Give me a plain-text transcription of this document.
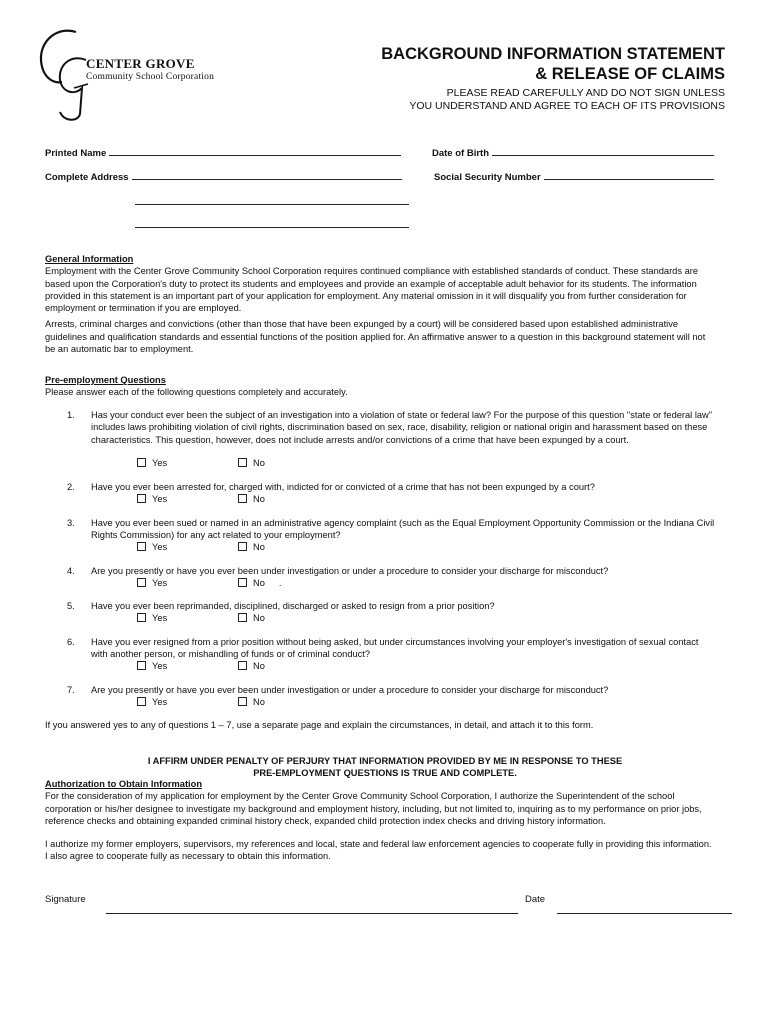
CENTER GROVE
Community School Corporation
BACKGROUND INFORMATION STATEMENT
& RELEASE OF CLAIMS
PLEASE READ CAREFULLY AND DO NOT SIGN UNLESS
YOU UNDERSTAND AND AGREE TO EACH OF ITS PROVISIONS
Printed Name	Date of Birth
Complete Address	Social Security Number
General Information
Employment with the Center Grove Community School Corporation requires continued compliance with established standards of conduct. These standards are based upon the Corporation's duty to protect its students and employees and provide an example of acceptable adult behavior for its students. The information provided in this statement is an important part of your application for employment. Any material omission in it will disqualify you from further consideration for employment or termination if you are employed.
Arrests, criminal charges and convictions (other than those that have been expunged by a court) will be considered based upon established administrative guidelines and qualification standards and essential functions of the position applied for. An affirmative answer to a question in this background statement will not be an automatic bar to employment.
Pre-employment Questions
Please answer each of the following questions completely and accurately.
1. Has your conduct ever been the subject of an investigation into a violation of state or federal law? For the purpose of this question "state or federal law" includes laws prohibiting violation of civil rights, discrimination based on sex, race, disability, religion or national origin and harassment based on these characteristics. This question, however, does not include arrests and/or convictions of a crime that have been expunged by a court.
Yes	No
2. Have you ever been arrested for, charged with, indicted for or convicted of a crime that has not been expunged by a court?
Yes	No
3. Have you ever been sued or named in an administrative agency complaint (such as the Equal Employment Opportunity Commission or the Indiana Civil Rights Commission) for any act related to your employment?
Yes	No
4. Are you presently or have you ever been under investigation or under a procedure to consider your discharge for misconduct?
Yes	No .
5. Have you ever been reprimanded, disciplined, discharged or asked to resign from a prior position?
Yes	No
6. Have you ever resigned from a prior position without being asked, but under circumstances involving your employer's investigation of sexual contact with another person, or mishandling of funds or of criminal conduct?
Yes	No
7. Are you presently or have you ever been under investigation or under a procedure to consider your discharge for misconduct?
Yes	No
If you answered yes to any of questions 1 – 7, use a separate page and explain the circumstances, in detail, and attach it to this form.
I AFFIRM UNDER PENALTY OF PERJURY THAT INFORMATION PROVIDED BY ME IN RESPONSE TO THESE
PRE-EMPLOYMENT QUESTIONS IS TRUE AND COMPLETE.
Authorization to Obtain Information
For the consideration of my application for employment by the Center Grove Community School Corporation, I authorize the Superintendent of the school corporation or his/her designee to investigate my background and employment history, including, but not limited to, inquiring as to my performance on prior jobs, reference checks and obtaining expanded criminal history check, expanded child protection index checks and driving history information.
I authorize my former employers, supervisors, my references and local, state and federal law enforcement agencies to cooperate fully in providing this information. I also agree to cooperate fully as necessary to obtain this information.
Signature	Date
